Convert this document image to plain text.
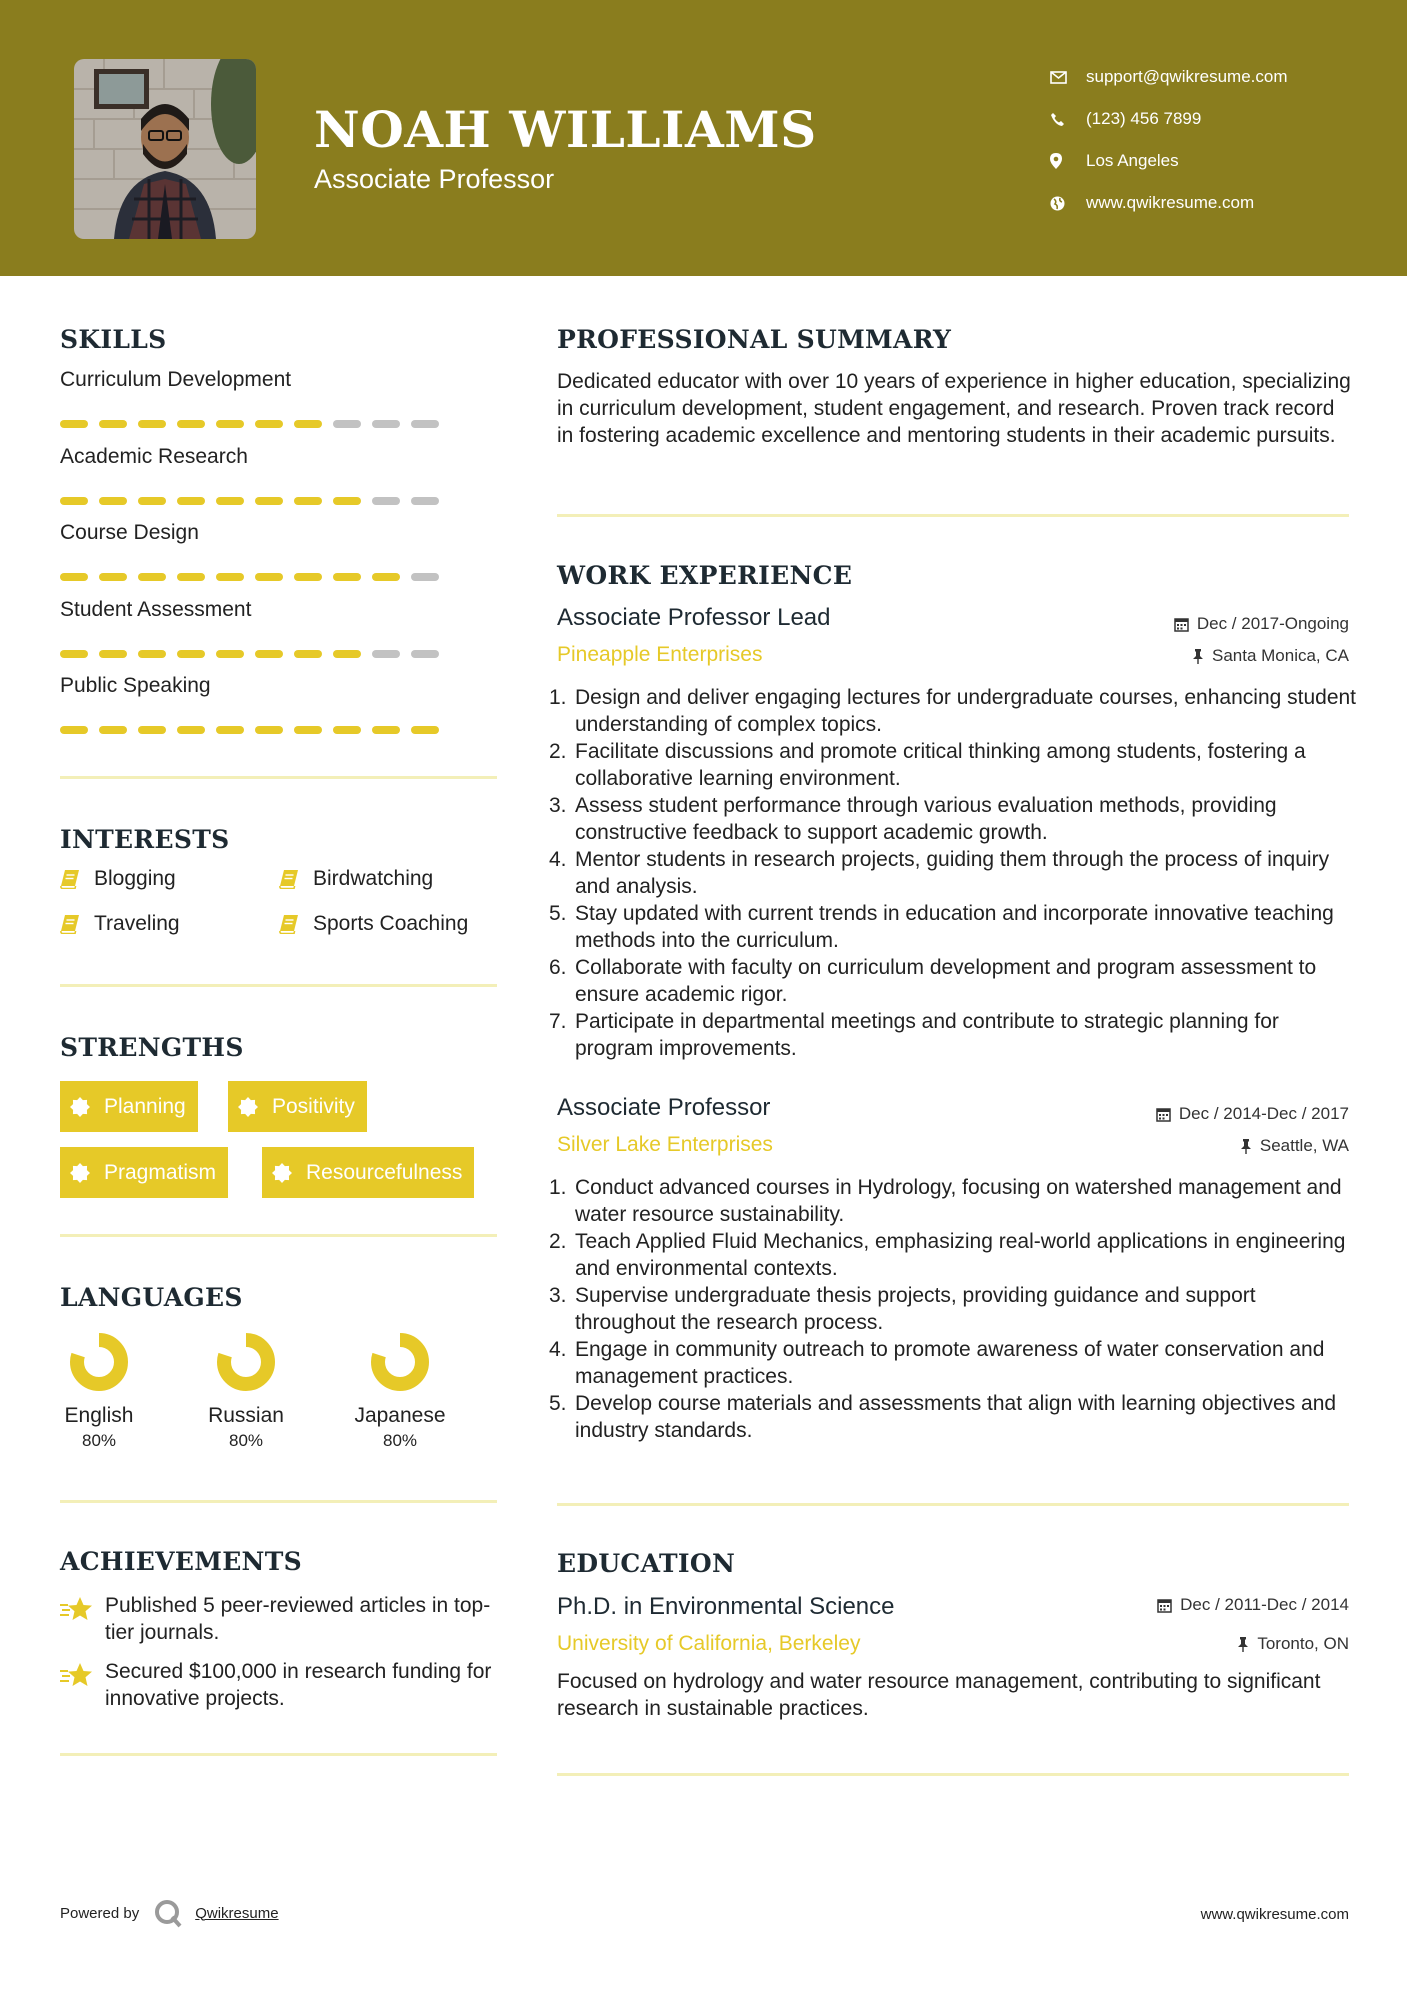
NOAH WILLIAMS
Associate Professor
support@qwikresume.com
(123) 456 7899
Los Angeles
www.qwikresume.com
SKILLS
Curriculum Development
Academic Research
Course Design
Student Assessment
Public Speaking
INTERESTS
Blogging	Birdwatching
Traveling	Sports Coaching
STRENGTHS
Planning	Positivity
Pragmatism	Resourcefulness
LANGUAGES
English
80%
Russian
80%
Japanese
80%
ACHIEVEMENTS
Published 5 peer-reviewed articles in top-tier journals.
Secured $100,000 in research funding for innovative projects.
PROFESSIONAL SUMMARY
Dedicated educator with over 10 years of experience in higher education, specializing in curriculum development, student engagement, and research. Proven track record in fostering academic excellence and mentoring students in their academic pursuits.
WORK EXPERIENCE
Associate Professor Lead	Dec / 2017-Ongoing
Pineapple Enterprises	Santa Monica, CA
1. Design and deliver engaging lectures for undergraduate courses, enhancing student understanding of complex topics.
2. Facilitate discussions and promote critical thinking among students, fostering a collaborative learning environment.
3. Assess student performance through various evaluation methods, providing constructive feedback to support academic growth.
4. Mentor students in research projects, guiding them through the process of inquiry and analysis.
5. Stay updated with current trends in education and incorporate innovative teaching methods into the curriculum.
6. Collaborate with faculty on curriculum development and program assessment to ensure academic rigor.
7. Participate in departmental meetings and contribute to strategic planning for program improvements.
Associate Professor	Dec / 2014-Dec / 2017
Silver Lake Enterprises	Seattle, WA
1. Conduct advanced courses in Hydrology, focusing on watershed management and water resource sustainability.
2. Teach Applied Fluid Mechanics, emphasizing real-world applications in engineering and environmental contexts.
3. Supervise undergraduate thesis projects, providing guidance and support throughout the research process.
4. Engage in community outreach to promote awareness of water conservation and management practices.
5. Develop course materials and assessments that align with learning objectives and industry standards.
EDUCATION
Ph.D. in Environmental Science	Dec / 2011-Dec / 2014
University of California, Berkeley	Toronto, ON
Focused on hydrology and water resource management, contributing to significant research in sustainable practices.
Powered by	Qwikresume	www.qwikresume.com
